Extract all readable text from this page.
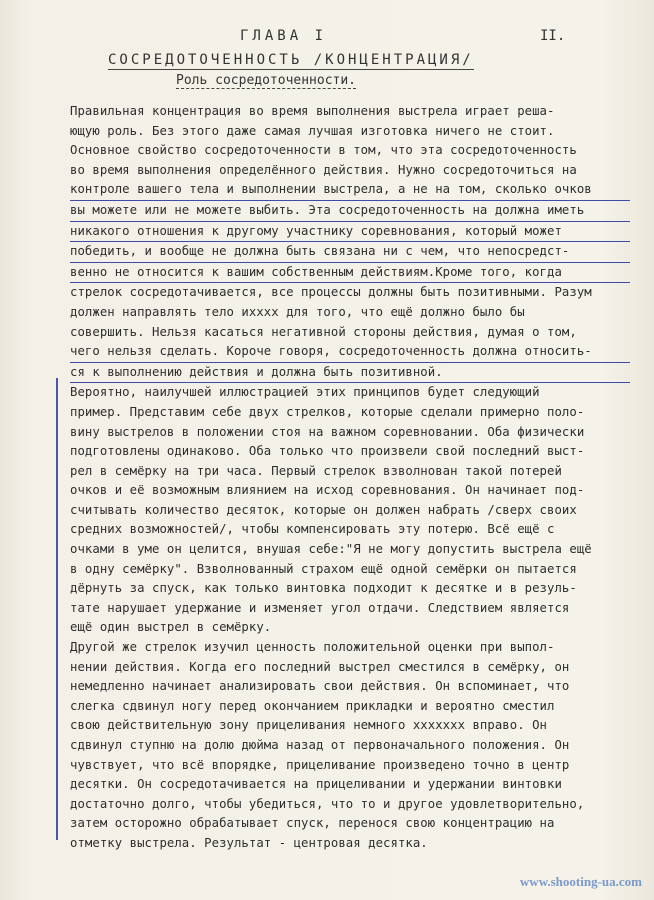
ГЛАВА I	II.
СОСРЕДОТОЧЕННОСТЬ /КОНЦЕНТРАЦИЯ/
Роль сосредоточенности.
Правильная концентрация во время выполнения выстрела играет реша-
ющую роль. Без этого даже самая лучшая изготовка ничего не стоит.
Основное свойство сосредоточенности в том, что эта сосредоточенность
во время выполнения определённого действия. Нужно сосредоточиться на
контроле вашего тела и выполнении выстрела, а не на том, сколько очков
вы можете или не можете выбить. Эта сосредоточенность на должна иметь
никакого отношения к другому участнику соревнования, который может
победить, и вообще не должна быть связана ни с чем, что непосредст-
венно не относится к вашим собственным действиям.Кроме того, когда
стрелок сосредотачивается, все процессы должны быть позитивными. Разум
должен направлять тело ихххх для того, что ещё должно было бы
совершить. Нельзя касаться негативной стороны действия, думая о том,
чего нельзя сделать. Короче говоря, сосредоточенность должна относить-
ся к выполнению действия и должна быть позитивной.
Вероятно, наилучшей иллюстрацией этих принципов будет следующий
пример. Представим себе двух стрелков, которые сделали примерно поло-
вину выстрелов в положении стоя на важном соревновании. Оба физически
подготовлены одинаково. Оба только что произвели свой последний выст-
рел в семёрку на три часа. Первый стрелок взволнован такой потерей
очков и её возможным влиянием на исход соревнования. Он начинает под-
считывать количество десяток, которые он должен набрать /сверх своих
средних возможностей/, чтобы компенсировать эту потерю. Всё ещё с
очками в уме он целится, внушая себе:"Я не могу допустить выстрела ещё
в одну семёрку". Взволнованный страхом ещё одной семёрки он пытается
дёрнуть за спуск, как только винтовка подходит к десятке и в резуль-
тате нарушает удержание и изменяет угол отдачи. Следствием является
ещё один выстрел в семёрку.
Другой же стрелок изучил ценность положительной оценки при выпол-
нении действия. Когда его последний выстрел сместился в семёрку, он
немедленно начинает анализировать свои действия. Он вспоминает, что
слегка сдвинул ногу перед окончанием прикладки и вероятно сместил
свою действительную зону прицеливания немного ххххххх вправо. Он
сдвинул ступню на долю дюйма назад от первоначального положения. Он
чувствует, что всё впорядке, прицеливание произведено точно в центр
десятки. Он сосредотачивается на прицеливании и удержании винтовки
достаточно долго, чтобы убедиться, что то и другое удовлетворительно,
затем осторожно обрабатывает спуск, перенося свою концентрацию на
отметку выстрела. Результат - центровая десятка.
www.shooting-ua.com
